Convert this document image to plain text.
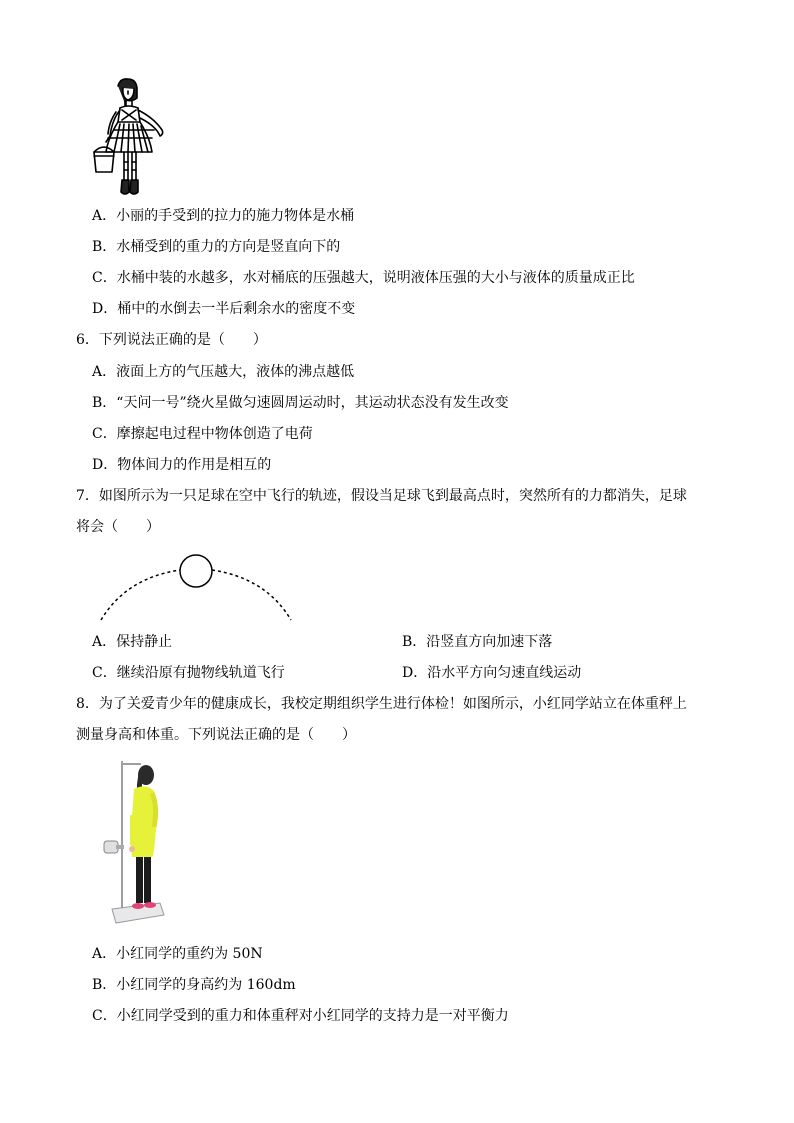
A．小丽的手受到的拉力的施力物体是水桶
B．水桶受到的重力的方向是竖直向下的
C．水桶中装的水越多，水对桶底的压强越大，说明液体压强的大小与液体的质量成正比
D．桶中的水倒去一半后剩余水的密度不变
6．下列说法正确的是（　　）
A．液面上方的气压越大，液体的沸点越低
B．“天问一号”绕火星做匀速圆周运动时，其运动状态没有发生改变
C．摩擦起电过程中物体创造了电荷
D．物体间力的作用是相互的
7．如图所示为一只足球在空中飞行的轨迹，假设当足球飞到最高点时，突然所有的力都消失，足球
将会（　　）
A．保持静止	B．沿竖直方向加速下落
C．继续沿原有抛物线轨道飞行	D．沿水平方向匀速直线运动
8．为了关爱青少年的健康成长，我校定期组织学生进行体检！如图所示，小红同学站立在体重秤上
测量身高和体重。下列说法正确的是（　　）
A．小红同学的重约为 50N
B．小红同学的身高约为 160dm
C．小红同学受到的重力和体重秤对小红同学的支持力是一对平衡力
